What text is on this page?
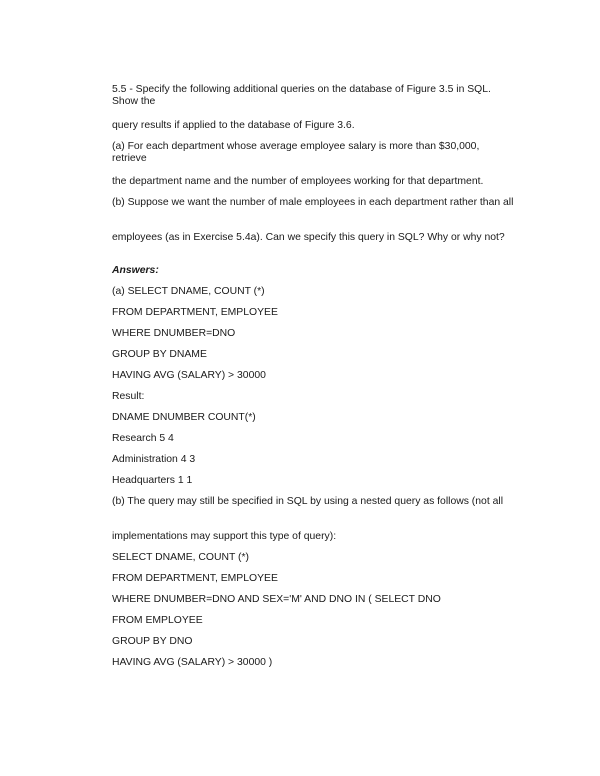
5.5 - Specify the following additional queries on the database of Figure 3.5 in SQL. Show the

query results if applied to the database of Figure 3.6.

(a) For each department whose average employee salary is more than $30,000, retrieve

the department name and the number of employees working for that department.

(b) Suppose we want the number of male employees in each department rather than all

employees (as in Exercise 5.4a). Can we specify this query in SQL? Why or why not?

Answers:

(a) SELECT DNAME, COUNT (*)

FROM DEPARTMENT, EMPLOYEE

WHERE DNUMBER=DNO

GROUP BY DNAME

HAVING AVG (SALARY) > 30000

Result:

DNAME DNUMBER COUNT(*)

Research 5 4

Administration 4 3

Headquarters 1 1

(b) The query may still be specified in SQL by using a nested query as follows (not all

implementations may support this type of query):

SELECT DNAME, COUNT (*)

FROM DEPARTMENT, EMPLOYEE

WHERE DNUMBER=DNO AND SEX='M' AND DNO IN ( SELECT DNO

FROM EMPLOYEE

GROUP BY DNO

HAVING AVG (SALARY) > 30000 )
